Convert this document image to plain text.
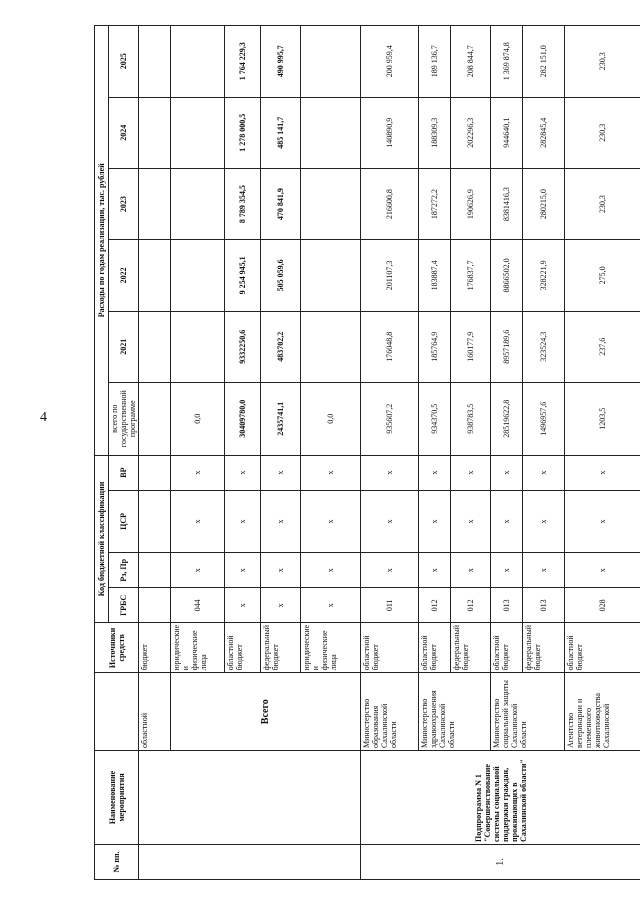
4
№ пп.	Наименование мероприятия		Источники средств	Код бюджетной классификации				Расходы по годам реализации, тыс. рублей					
				ГРБС	Рз, Пр	ЦСР	ВР	всего по государственной программе	2021	2022	2023	2024	2025
		областной	бюджет										
		Всего	юридические и физические лица	044	x	x	x	0,0					
			областной бюджет	x	x	x	x	30409780,0	9332250,6	9 254 945,1	8 789 354,5	1 278 000,5	1 764 229,3
			федеральный бюджет	x	x	x	x	2435741,1	483702,2	505 059,6	470 841,9	485 141,7	490 995,7
			юридические и физические лица	x	x	x	x	0,0					
1.	Подпрограмма N 1 "Совершенствование системы социальной поддержки граждан, проживающих в Сахалинской области"	Министерство образования Сахалинской области	областной бюджет	011	x	x	x	935607,2	176048,8	201107,3	216600,8	140890,9	200 959,4
		Министерство здравоохранения Сахалинской области	областной бюджет	012	x	x	x	934370,5	185764,9	183887,4	187272,2	188309,3	189 136,7
			федеральный бюджет	012	x	x	x	938783,5	160177,9	176837,7	190626,9	202296,3	208 844,7
		Министерство социальной защиты Сахалинской области	областной бюджет	013	x	x	x	28519622,8	8957189,6	8866502,0	8381416,3	944640,1	1 369 874,8
			федеральный бюджет	013	x	x	x	1496957,6	323524,3	328221,9	280215,0	282845,4	282 151,0
		Агентство ветеринарии и племенного животноводства Сахалинской	областной бюджет	028	x	x	x	1203,5	237,6	275,0	230,3	230,3	230,3
